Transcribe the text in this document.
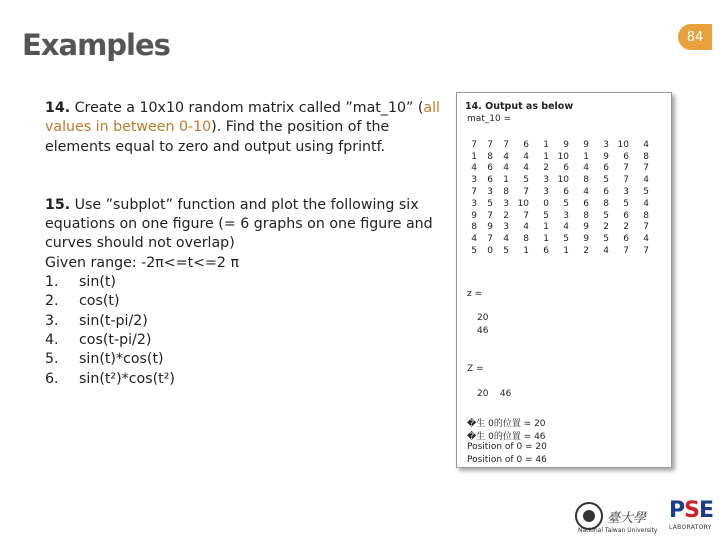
Examples	84

14. Create a 10x10 random matrix called ”mat_10” (all values in between 0-10). Find the position of the elements equal to zero and output using fprintf.

15. Use ”subplot” function and plot the following six equations on one figure (= 6 graphs on one figure and curves should not overlap)

Given range: -2π<=t<=2 π

1.	sin(t)
2.	cos(t)
3.	sin(t-pi/2)
4.	cos(t-pi/2)
5.	sin(t)*cos(t)
6.	sin(t²)*cos(t²)
14. Output as below
mat_10 =
7	7	7	6	1	9	9	3	10	4
1	8	4	4	1	10	1	9	6	8
4	6	4	4	2	6	4	6	7	7
3	6	1	5	3	10	8	5	7	4
7	3	8	7	3	6	4	6	3	5
3	5	3	10	0	5	6	8	5	4
9	7	2	7	5	3	8	5	6	8
8	9	3	4	1	4	9	2	2	7
4	7	4	8	1	5	9	5	6	4
5	0	5	1	6	1	2	4	7	7
z =
20
46
Z =
20    46
�生 0的位置 = 20
�生 0的位置 = 46
Position of 0 = 20
Position of 0 = 46
臺大學
National Taiwan University
PSE
LABORATORY
